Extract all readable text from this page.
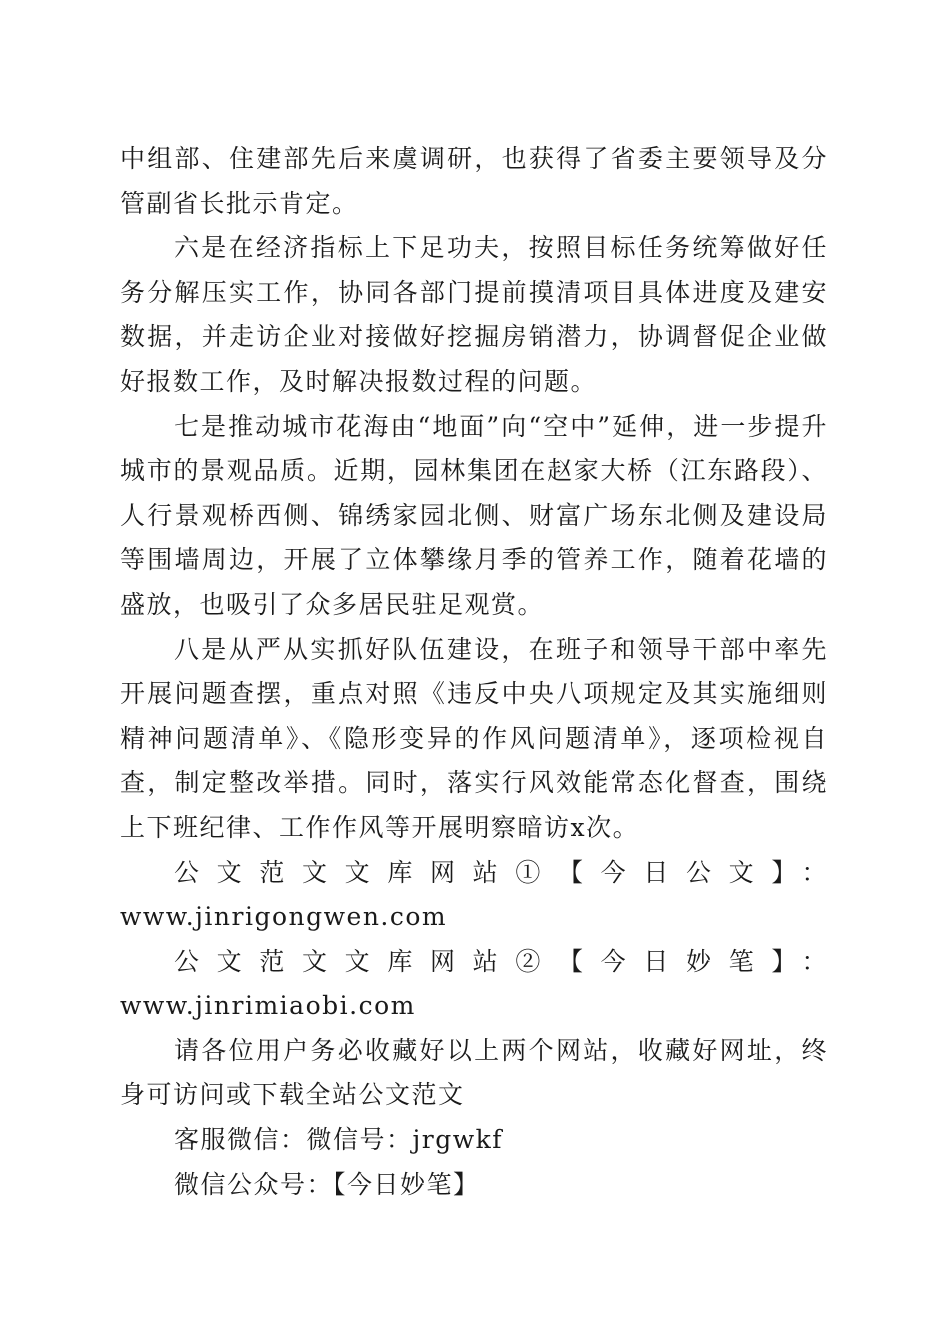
中组部、住建部先后来虞调研，也获得了省委主要领导及分管副省长批示肯定。

六是在经济指标上下足功夫，按照目标任务统筹做好任务分解压实工作，协同各部门提前摸清项目具体进度及建安数据，并走访企业对接做好挖掘房销潜力，协调督促企业做好报数工作，及时解决报数过程的问题。

七是推动城市花海由“地面”向“空中”延伸，进一步提升城市的景观品质。近期，园林集团在赵家大桥（江东路段）、人行景观桥西侧、锦绣家园北侧、财富广场东北侧及建设局等围墙周边，开展了立体攀缘月季的管养工作，随着花墙的盛放，也吸引了众多居民驻足观赏。

八是从严从实抓好队伍建设，在班子和领导干部中率先开展问题查摆，重点对照《违反中央八项规定及其实施细则精神问题清单》、《隐形变异的作风问题清单》，逐项检视自查，制定整改举措。同时，落实行风效能常态化督查，围绕上下班纪律、工作作风等开展明察暗访x次。

公文范文文库网站①【今日公文】：

www.jinrigongwen.com

公文范文文库网站②【今日妙笔】：www.jinrimiaobi.com

请各位用户务必收藏好以上两个网站，收藏好网址，终身可访问或下载全站公文范文

客服微信：微信号：jrgwkf

微信公众号：【今日妙笔】
